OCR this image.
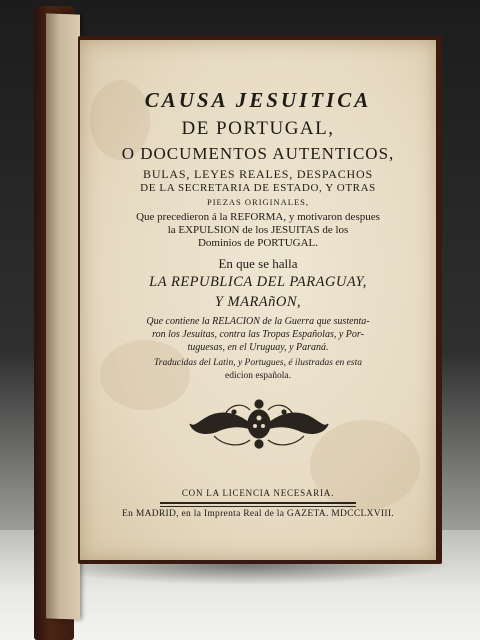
CAUSA JESUITICA
DE PORTUGAL,
O DOCUMENTOS AUTENTICOS,
BULAS, LEYES REALES, DESPACHOS
DE LA SECRETARIA DE ESTADO, Y OTRAS
PIEZAS ORIGINALES,
Que precedieron á la REFORMA, y motivaron despues
la EXPULSION de los JESUITAS de los
Dominios de PORTUGAL.
En que se halla
LA REPUBLICA DEL PARAGUAY,
Y MARAñON,
Que contiene la RELACION de la Guerra que sustenta-
ron los Jesuitas, contra las Tropas Españolas, y Por-
tuguesas, en el Uruguay, y Paraná.
Traducidas del Latin, y Portugues, é ilustradas en esta
edicion española.
CON LA LICENCIA NECESARIA.
En MADRID, en la Imprenta Real de la GAZETA. MDCCLXVIII.
